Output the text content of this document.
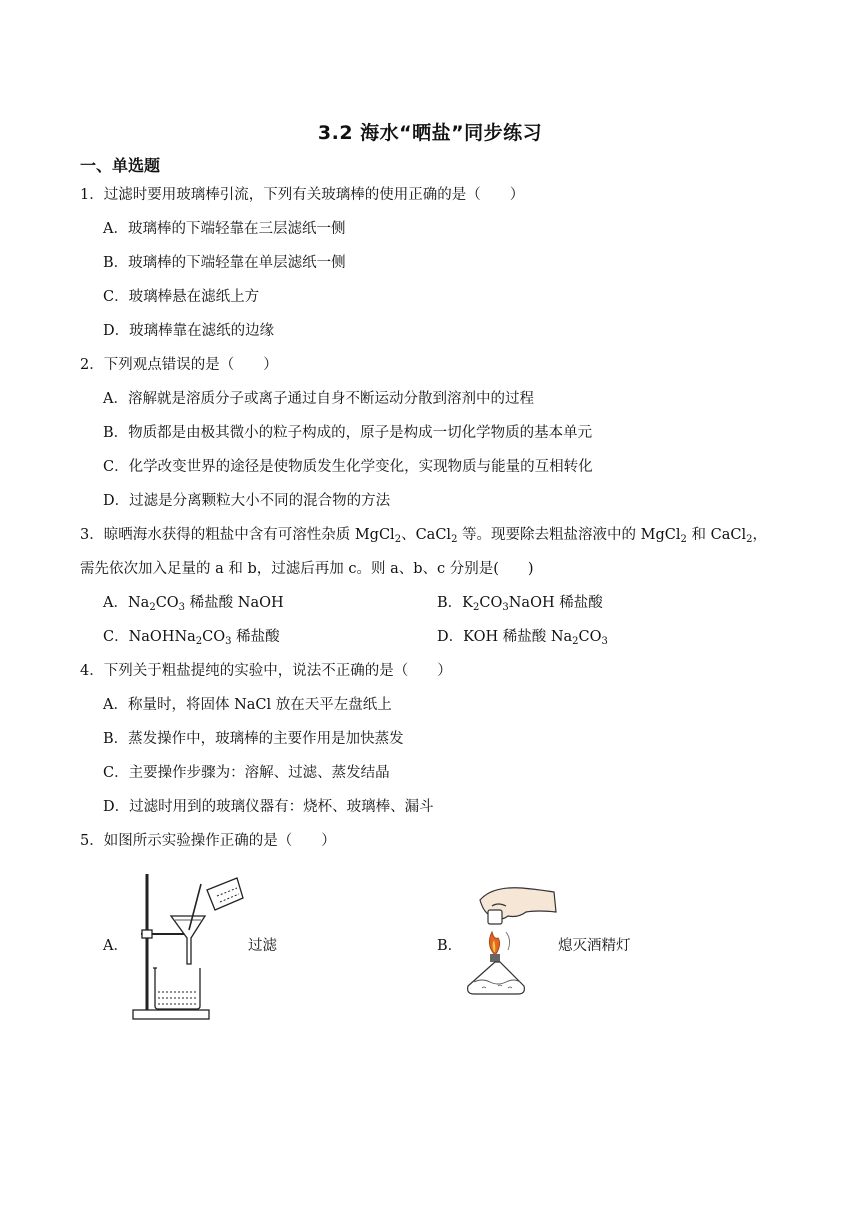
3.2 海水“晒盐”同步练习
一、单选题
1．过滤时要用玻璃棒引流，下列有关玻璃棒的使用正确的是（　　）
A．玻璃棒的下端轻靠在三层滤纸一侧
B．玻璃棒的下端轻靠在单层滤纸一侧
C．玻璃棒悬在滤纸上方
D．玻璃棒靠在滤纸的边缘
2．下列观点错误的是（　　）
A．溶解就是溶质分子或离子通过自身不断运动分散到溶剂中的过程
B．物质都是由极其微小的粒子构成的，原子是构成一切化学物质的基本单元
C．化学改变世界的途径是使物质发生化学变化，实现物质与能量的互相转化
D．过滤是分离颗粒大小不同的混合物的方法
3．晾晒海水获得的粗盐中含有可溶性杂质 MgCl$_2$、CaCl$_2$ 等。现要除去粗盐溶液中的 MgCl$_2$ 和 CaCl$_2$，
需先依次加入足量的 a 和 b，过滤后再加 c。则 a、b、c 分别是(　　)
A．$Na_2CO_3$ 稀盐酸 NaOH	B．$K_2CO_3NaOH$ 稀盐酸
C．$NaOHNa_2CO_3$ 稀盐酸	D．KOH 稀盐酸 $Na_2CO_3$
4．下列关于粗盐提纯的实验中，说法不正确的是（　　）
A．称量时，将固体 NaCl 放在天平左盘纸上
B．蒸发操作中，玻璃棒的主要作用是加快蒸发
C．主要操作步骤为：溶解、过滤、蒸发结晶
D．过滤时用到的玻璃仪器有：烧杯、玻璃棒、漏斗
5．如图所示实验操作正确的是（　　）
A．	过滤	B．	熄灭酒精灯
